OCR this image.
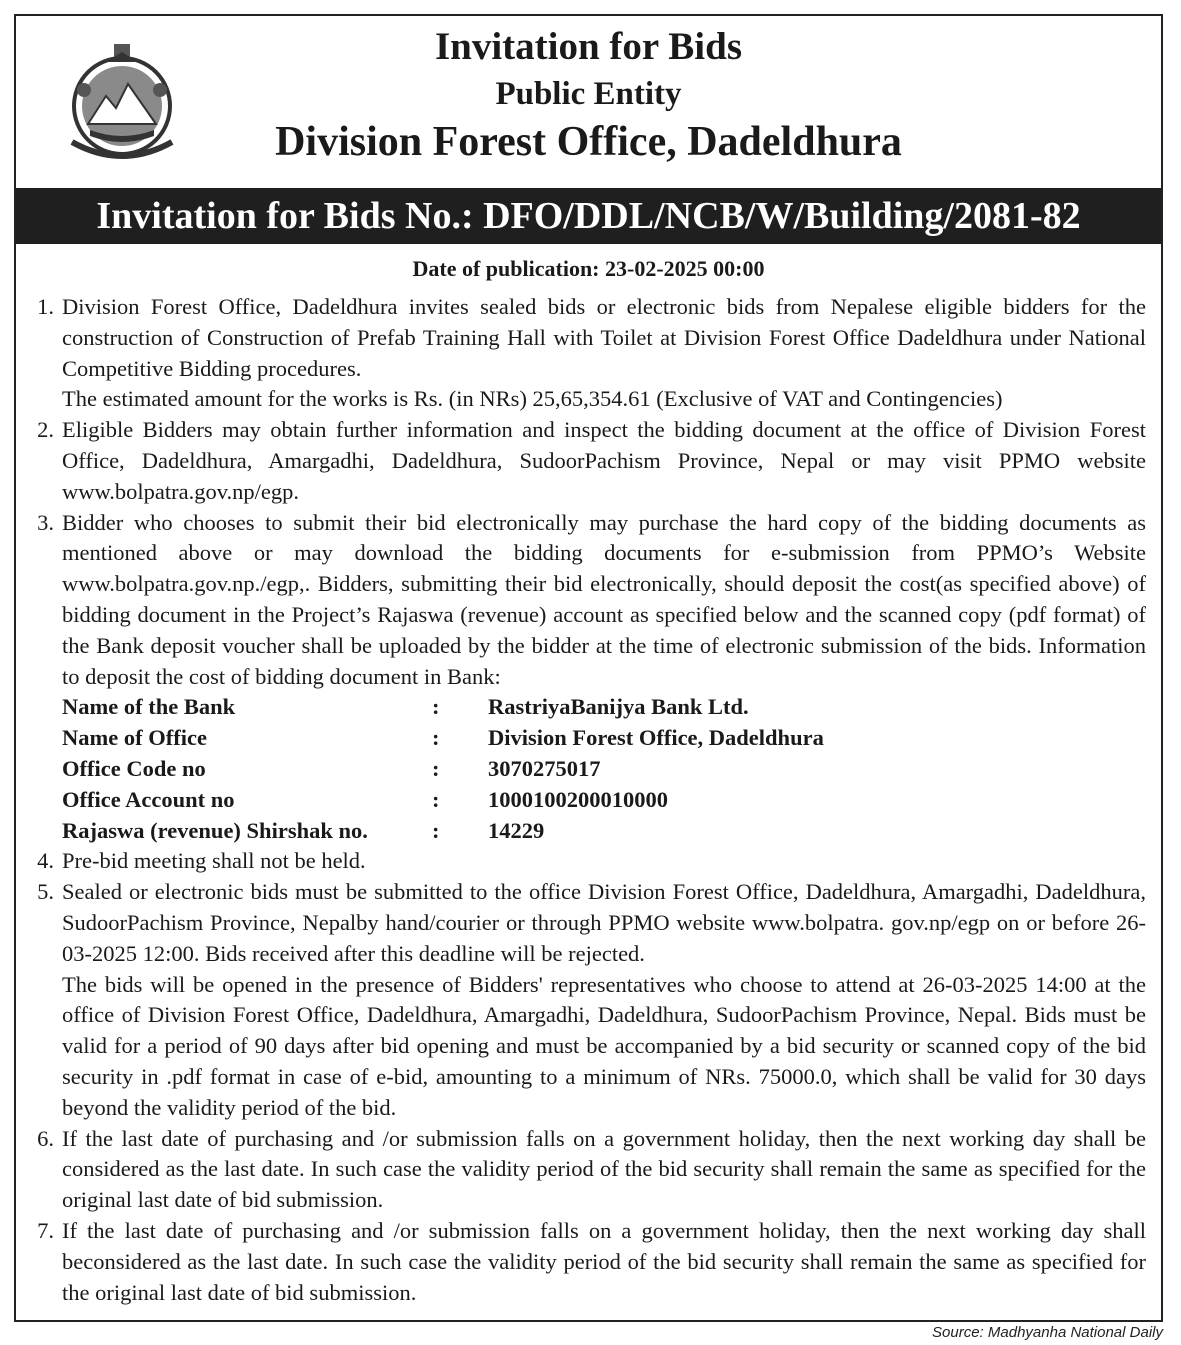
Invitation for Bids
Public Entity
Division Forest Office, Dadeldhura
Invitation for Bids No.: DFO/DDL/NCB/W/Building/2081-82
Date of publication: 23-02-2025 00:00
1. Division Forest Office, Dadeldhura invites sealed bids or electronic bids from Nepalese eligible bidders for the construction of Construction of Prefab Training Hall with Toilet at Division Forest Office Dadeldhura under National Competitive Bidding procedures.

The estimated amount for the works is Rs. (in NRs) 25,65,354.61 (Exclusive of VAT and Contingencies)

2. Eligible Bidders may obtain further information and inspect the bidding document at the office of Division Forest Office, Dadeldhura, Amargadhi, Dadeldhura, SudoorPachism Province, Nepal or may visit PPMO website www.bolpatra.gov.np/egp.

3. Bidder who chooses to submit their bid electronically may purchase the hard copy of the bidding documents as mentioned above or may download the bidding documents for e-submission from PPMO’s Website www.bolpatra.gov.np./egp,. Bidders, submitting their bid electronically, should deposit the cost(as specified above) of bidding document in the Project’s Rajaswa (revenue) account as specified below and the scanned copy (pdf format) of the Bank deposit voucher shall be uploaded by the bidder at the time of electronic submission of the bids. Information to deposit the cost of bidding document in Bank:

Name of the Bank	:	RastriyaBanijya Bank Ltd.
Name of Office	:	Division Forest Office, Dadeldhura
Office Code no	:	3070275017
Office Account no	:	1000100200010000
Rajaswa (revenue) Shirshak no.	:	14229
4. Pre-bid meeting shall not be held.

5. Sealed or electronic bids must be submitted to the office Division Forest Office, Dadeldhura, Amargadhi, Dadeldhura, SudoorPachism Province, Nepalby hand/courier or through PPMO website www.bolpatra. gov.np/egp on or before 26-03-2025 12:00. Bids received after this deadline will be rejected.

The bids will be opened in the presence of Bidders' representatives who choose to attend at 26-03-2025 14:00 at the office of Division Forest Office, Dadeldhura, Amargadhi, Dadeldhura, SudoorPachism Province, Nepal. Bids must be valid for a period of 90 days after bid opening and must be accompanied by a bid security or scanned copy of the bid security in .pdf format in case of e-bid, amounting to a minimum of NRs. 75000.0, which shall be valid for 30 days beyond the validity period of the bid.

6. If the last date of purchasing and /or submission falls on a government holiday, then the next working day shall be considered as the last date. In such case the validity period of the bid security shall remain the same as specified for the original last date of bid submission.

7. If the last date of purchasing and /or submission falls on a government holiday, then the next working day shall beconsidered as the last date. In such case the validity period of the bid security shall remain the same as specified for the original last date of bid submission.

Source: Madhyanha National Daily
